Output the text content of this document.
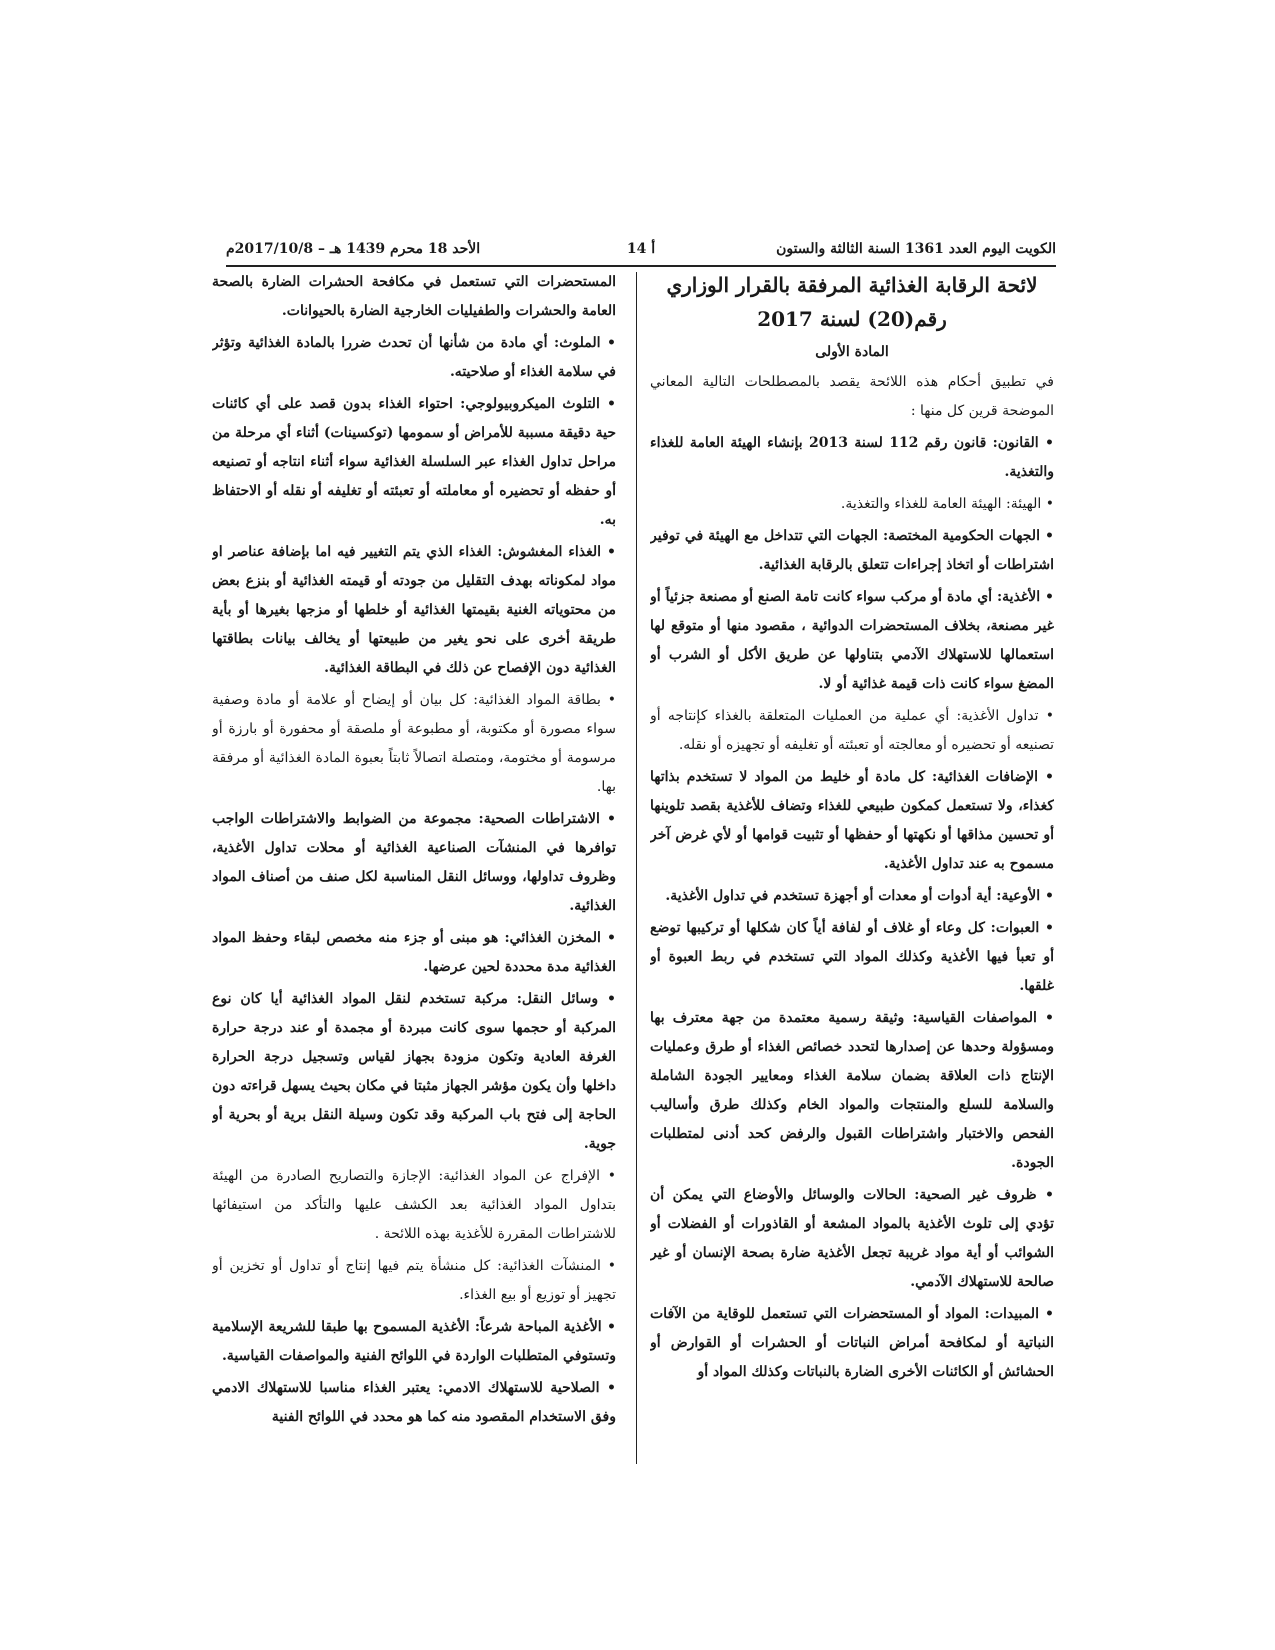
الكويت اليوم العدد 1361 السنة الثالثة والستون
أ 14
الأحد 18 محرم 1439 هـ – 2017/10/8م
لائحة الرقابة الغذائية المرفقة بالقرار الوزاري
رقم(20) لسنة 2017
المادة الأولى

في تطبيق أحكام هذه اللائحة يقصد بالمصطلحات التالية المعاني الموضحة قرين كل منها :

• القانون: قانون رقم 112 لسنة 2013 بإنشاء الهيئة العامة للغذاء والتغذية.

• الهيئة: الهيئة العامة للغذاء والتغذية.

• الجهات الحكومية المختصة: الجهات التي تتداخل مع الهيئة في توفير اشتراطات أو اتخاذ إجراءات تتعلق بالرقابة الغذائية.

• الأغذية: أي مادة أو مركب سواء كانت تامة الصنع أو مصنعة جزئياً أو غير مصنعة، بخلاف المستحضرات الدوائية ، مقصود منها أو متوقع لها استعمالها للاستهلاك الآدمي بتناولها عن طريق الأكل أو الشرب أو المضغ سواء كانت ذات قيمة غذائية أو لا.

• تداول الأغذية: أي عملية من العمليات المتعلقة بالغذاء كإنتاجه أو تصنيعه أو تحضيره أو معالجته أو تعبئته أو تغليفه أو تجهيزه أو نقله.

• الإضافات الغذائية: كل مادة أو خليط من المواد لا تستخدم بذاتها كغذاء، ولا تستعمل كمكون طبيعي للغذاء وتضاف للأغذية بقصد تلوينها أو تحسين مذاقها أو نكهتها أو حفظها أو تثبيت قوامها أو لأي غرض آخر مسموح به عند تداول الأغذية.

• الأوعية: أية أدوات أو معدات أو أجهزة تستخدم في تداول الأغذية.

• العبوات: كل وعاء أو غلاف أو لفافة أياً كان شكلها أو تركيبها توضع أو تعبأ فيها الأغذية وكذلك المواد التي تستخدم في ربط العبوة أو غلقها.

• المواصفات القياسية: وثيقة رسمية معتمدة من جهة معترف بها ومسؤولة وحدها عن إصدارها لتحدد خصائص الغذاء أو طرق وعمليات الإنتاج ذات العلاقة بضمان سلامة الغذاء ومعايير الجودة الشاملة والسلامة للسلع والمنتجات والمواد الخام وكذلك طرق وأساليب الفحص والاختبار واشتراطات القبول والرفض كحد أدنى لمتطلبات الجودة.

• ظروف غير الصحية: الحالات والوسائل والأوضاع التي يمكن أن تؤدي إلى تلوث الأغذية بالمواد المشعة أو القاذورات أو الفضلات أو الشوائب أو أية مواد غريبة تجعل الأغذية ضارة بصحة الإنسان أو غير صالحة للاستهلاك الآدمي.

• المبيدات: المواد أو المستحضرات التي تستعمل للوقاية من الآفات النباتية أو لمكافحة أمراض النباتات أو الحشرات أو القوارض أو الحشائش أو الكائنات الأخرى الضارة بالنباتات وكذلك المواد أو

المستحضرات التي تستعمل في مكافحة الحشرات الضارة بالصحة العامة والحشرات والطفيليات الخارجية الضارة بالحيوانات.

• الملوث: أي مادة من شأنها أن تحدث ضررا بالمادة الغذائية وتؤثر في سلامة الغذاء أو صلاحيته.

• التلوث الميكروبيولوجي: احتواء الغذاء بدون قصد على أي كائنات حية دقيقة مسببة للأمراض أو سمومها (توكسينات) أثناء أي مرحلة من مراحل تداول الغذاء عبر السلسلة الغذائية سواء أثناء انتاجه أو تصنيعه أو حفظه أو تحضيره أو معاملته أو تعبئته أو تغليفه أو نقله أو الاحتفاظ به.

• الغذاء المغشوش: الغذاء الذي يتم التغيير فيه اما بإضافة عناصر او مواد لمكوناته بهدف التقليل من جودته أو قيمته الغذائية أو بنزع بعض من محتوياته الغنية بقيمتها الغذائية أو خلطها أو مزجها بغيرها أو بأية طريقة أخرى على نحو يغير من طبيعتها أو يخالف بيانات بطاقتها الغذائية دون الإفصاح عن ذلك في البطاقة الغذائية.

• بطاقة المواد الغذائية: كل بيان أو إيضاح أو علامة أو مادة وصفية سواء مصورة أو مكتوبة، أو مطبوعة أو ملصقة أو محفورة أو بارزة أو مرسومة أو مختومة، ومتصلة اتصالاً ثابتاً بعبوة المادة الغذائية أو مرفقة بها.

• الاشتراطات الصحية: مجموعة من الضوابط والاشتراطات الواجب توافرها في المنشآت الصناعية الغذائية أو محلات تداول الأغذية، وظروف تداولها، ووسائل النقل المناسبة لكل صنف من أصناف المواد الغذائية.

• المخزن الغذائي: هو مبنى أو جزء منه مخصص لبقاء وحفظ المواد الغذائية مدة محددة لحين عرضها.

• وسائل النقل: مركبة تستخدم لنقل المواد الغذائية أيا كان نوع المركبة أو حجمها سوى كانت مبردة أو مجمدة أو عند درجة حرارة الغرفة العادية وتكون مزودة بجهاز لقياس وتسجيل درجة الحرارة داخلها وأن يكون مؤشر الجهاز مثبتا في مكان بحيث يسهل قراءته دون الحاجة إلى فتح باب المركبة وقد تكون وسيلة النقل برية أو بحرية أو جوية.

• الإفراج عن المواد الغذائية: الإجازة والتصاريح الصادرة من الهيئة بتداول المواد الغذائية بعد الكشف عليها والتأكد من استيفائها للاشتراطات المقررة للأغذية بهذه اللائحة .

• المنشآت الغذائية: كل منشأة يتم فيها إنتاج أو تداول أو تخزين أو تجهيز أو توزيع أو بيع الغذاء.

• الأغذية المباحة شرعاً: الأغذية المسموح بها طبقا للشريعة الإسلامية وتستوفي المتطلبات الواردة في اللوائح الفنية والمواصفات القياسية.

• الصلاحية للاستهلاك الادمي: يعتبر الغذاء مناسبا للاستهلاك الادمي وفق الاستخدام المقصود منه كما هو محدد في اللوائح الفنية
